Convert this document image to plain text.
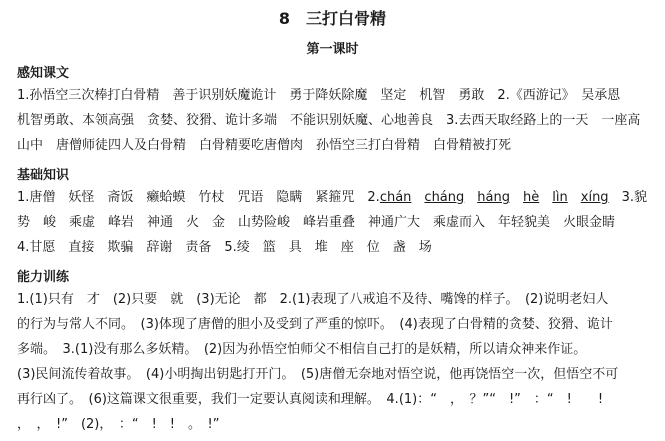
8　三打白骨精
第一课时
感知课文
1.孙悟空三次棒打白骨精　善于识别妖魔诡计　勇于降妖除魔　坚定　机智　勇敢　2.《西游记》　吴承恩
机智勇敢、本领高强　贪婪、狡猾、诡计多端　不能识别妖魔、心地善良　3.去西天取经路上的一天　一座高
山中　唐僧师徒四人及白骨精　白骨精要吃唐僧肉　孙悟空三打白骨精　白骨精被打死
基础知识
1.唐僧　妖怪　斋饭　癞蛤蟆　竹杖　咒语　隐瞒　紧箍咒　2.chán　 cháng　 háng　 hè　 lìn　 xíng　 3.貌
势　峻　乘虚　峰岩　神通　火　金　山势险峻　峰岩重叠　神通广大　乘虚而入　年轻貌美　火眼金睛
4.甘愿　直接　欺骗　辞谢　责备　5.绫　篮　具　堆　座　位　盏　场
能力训练
1.(1)只有　才　(2)只要　就　(3)无论　都　2.(1)表现了八戒追不及待、嘴馋的样子。　(2)说明老妇人
的行为与常人不同。　(3)体现了唐僧的胆小及受到了严重的惊吓。　(4)表现了白骨精的贪婪、狡猾、诡计
多端。　3.(1)没有那么多妖精。　(2)因为孙悟空怕师父不相信自己打的是妖精，所以请众神来作证。
(3)民间流传着故事。　(4)小明掏出钥匙打开门。　(5)唐僧无奈地对悟空说，他再饶悟空一次，但悟空不可
再行凶了。　(6)这篇课文很重要，我们一定要认真阅读和理解。　4.(1)：“　，　？”“　!”　：“　!　　!
，　，　!”　(2)，　：“　!　!　。　!”
